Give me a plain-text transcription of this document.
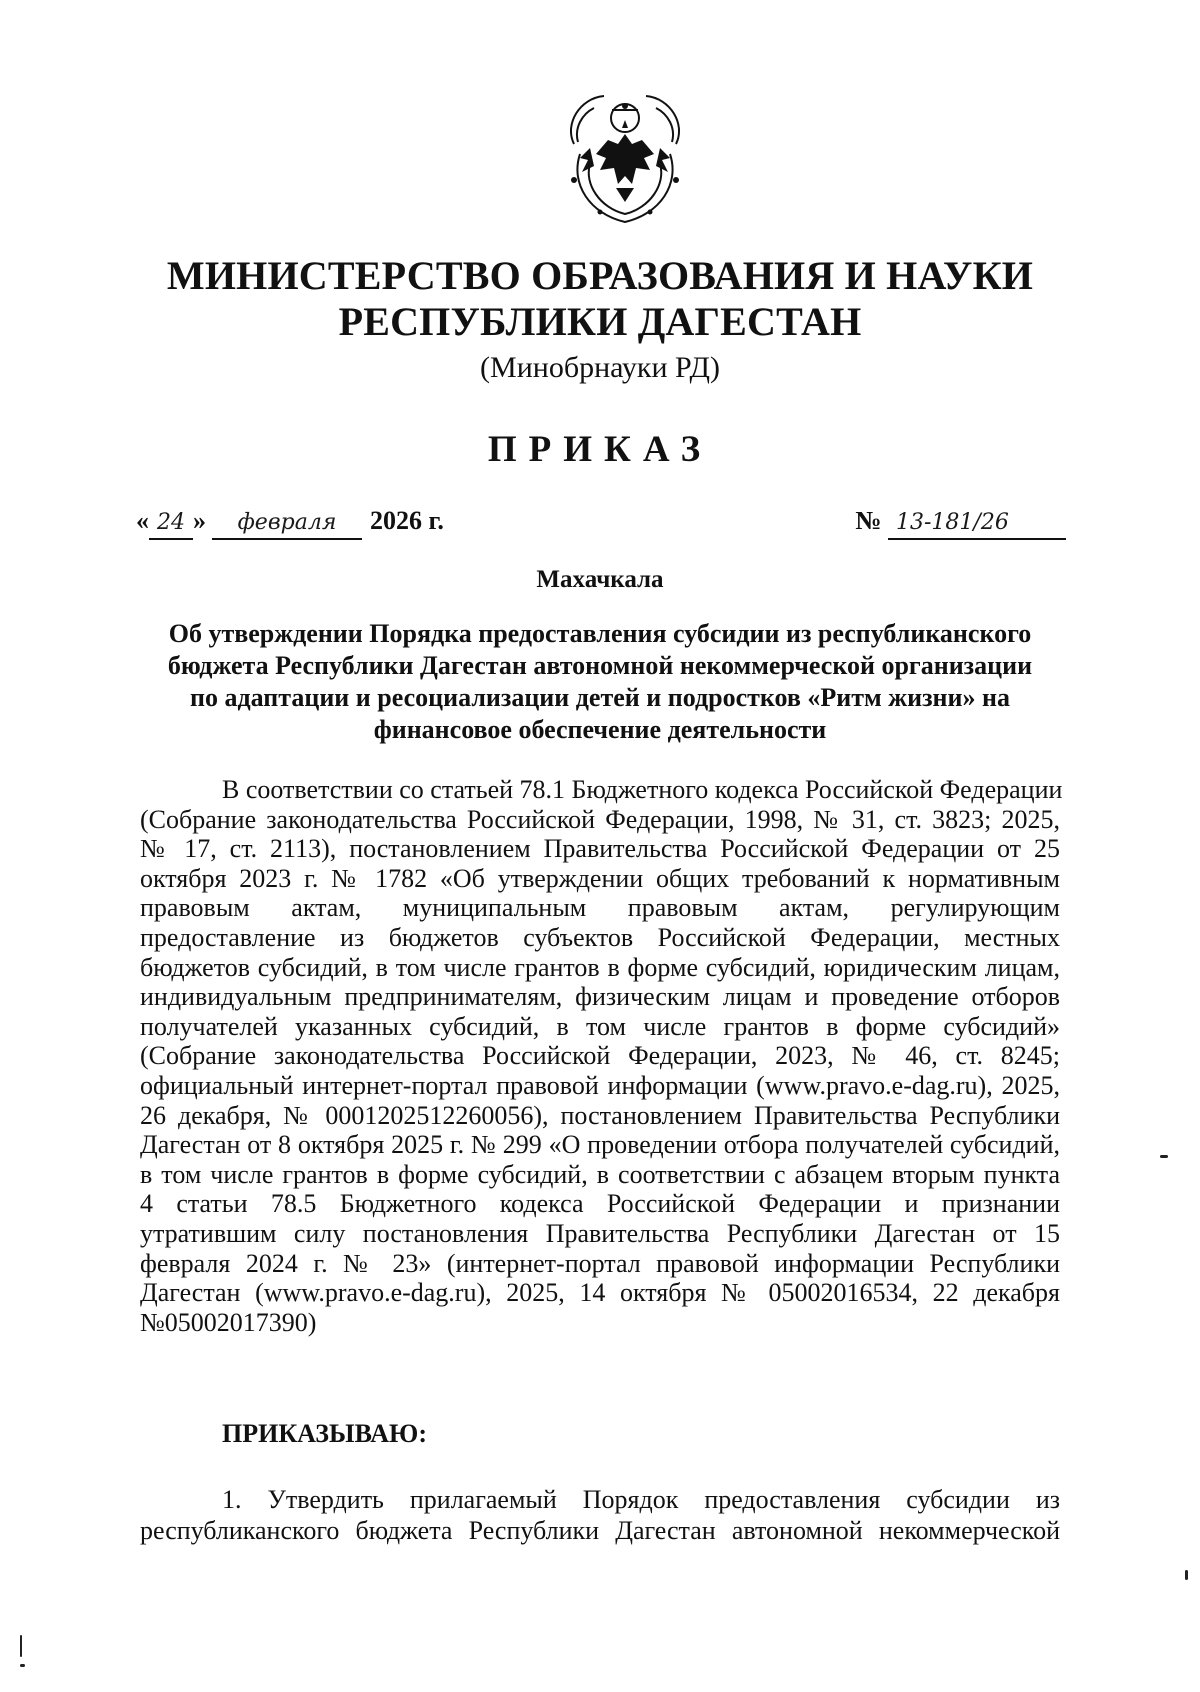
МИНИСТЕРСТВО ОБРАЗОВАНИЯ И НАУКИ
РЕСПУБЛИКИ ДАГЕСТАН
(Минобрнауки РД)
ПРИКАЗ
« 24 » февраля 2026 г.	№ 13-181/26
Махачкала
Об утверждении Порядка предоставления субсидии из республиканского
бюджета Республики Дагестан автономной некоммерческой организации
по адаптации и ресоциализации детей и подростков «Ритм жизни» на
финансовое обеспечение деятельности
В соответствии со статьей 78.1 Бюджетного кодекса Российской Федерации
(Собрание законодательства Российской Федерации, 1998, № 31, ст. 3823; 2025,
№ 17, ст. 2113), постановлением Правительства Российской Федерации от 25
октября 2023 г. № 1782 «Об утверждении общих требований к нормативным
правовым актам, муниципальным правовым актам, регулирующим
предоставление из бюджетов субъектов Российской Федерации, местных
бюджетов субсидий, в том числе грантов в форме субсидий, юридическим лицам,
индивидуальным предпринимателям, физическим лицам и проведение отборов
получателей указанных субсидий, в том числе грантов в форме субсидий»
(Собрание законодательства Российской Федерации, 2023, № 46, ст. 8245;
официальный интернет-портал правовой информации (www.pravo.e-dag.ru), 2025,
26 декабря, № 0001202512260056), постановлением Правительства Республики
Дагестан от 8 октября 2025 г. № 299 «О проведении отбора получателей субсидий,
в том числе грантов в форме субсидий, в соответствии с абзацем вторым пункта
4 статьи 78.5 Бюджетного кодекса Российской Федерации и признании
утратившим силу постановления Правительства Республики Дагестан от 15
февраля 2024 г. № 23» (интернет-портал правовой информации Республики
Дагестан (www.pravo.e-dag.ru), 2025, 14 октября № 05002016534, 22 декабря
№05002017390)
ПРИКАЗЫВАЮ:
1. Утвердить прилагаемый Порядок предоставления субсидии из
республиканского бюджета Республики Дагестан автономной некоммерческой
